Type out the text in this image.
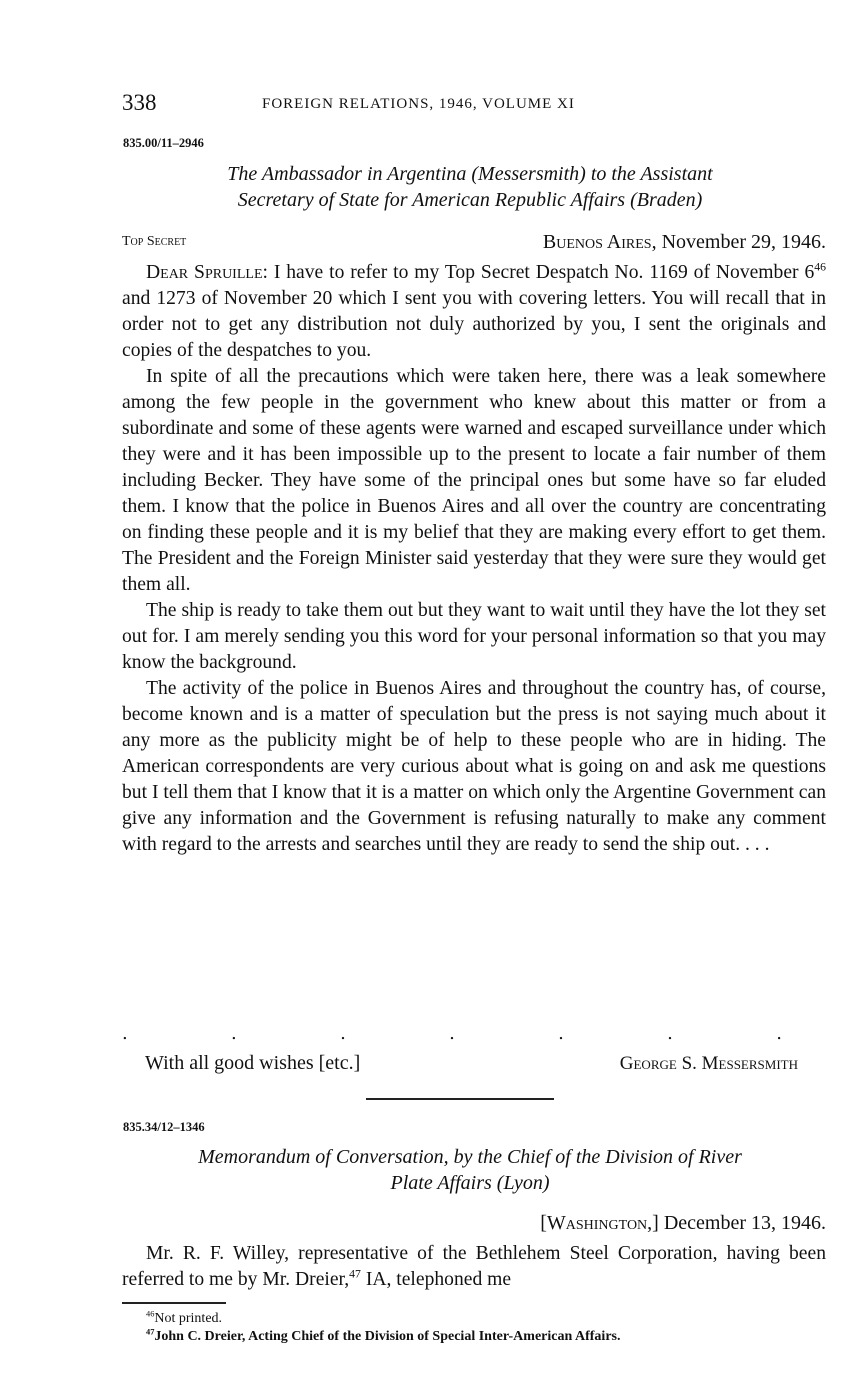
338	FOREIGN RELATIONS, 1946, VOLUME XI
835.00/11–2946
The Ambassador in Argentina (Messersmith) to the Assistant
Secretary of State for American Republic Affairs (Braden)
Top Secret	Buenos Aires, November 29, 1946.

Dear Spruille: I have to refer to my Top Secret Despatch No. 1169 of November $6^{46}$ and 1273 of November 20 which I sent you with covering letters. You will recall that in order not to get any distribution not duly authorized by you, I sent the originals and copies of the despatches to you.

In spite of all the precautions which were taken here, there was a leak somewhere among the few people in the government who knew about this matter or from a subordinate and some of these agents were warned and escaped surveillance under which they were and it has been impossible up to the present to locate a fair number of them including Becker. They have some of the principal ones but some have so far eluded them. I know that the police in Buenos Aires and all over the country are concentrating on finding these people and it is my belief that they are making every effort to get them. The President and the Foreign Minister said yesterday that they were sure they would get them all.

The ship is ready to take them out but they want to wait until they have the lot they set out for. I am merely sending you this word for your personal information so that you may know the background.

The activity of the police in Buenos Aires and throughout the country has, of course, become known and is a matter of speculation but the press is not saying much about it any more as the publicity might be of help to these people who are in hiding. The American correspondents are very curious about what is going on and ask me questions but I tell them that I know that it is a matter on which only the Argentine Government can give any information and the Government is refusing naturally to make any comment with regard to the arrests and searches until they are ready to send the ship out. . . .

.	.	.	.	.	.	.
With all good wishes [etc.]	George S. Messersmith
835.34/12–1346
Memorandum of Conversation, by the Chief of the Division of River
Plate Affairs (Lyon)
[Washington,] December 13, 1946.

Mr. R. F. Willey, representative of the Bethlehem Steel Corporation, having been referred to me by Mr. Dreier,$^{47}$ IA, telephoned me

$^{46}$Not printed.
$^{47}$John C. Dreier, Acting Chief of the Division of Special Inter-American Affairs.
